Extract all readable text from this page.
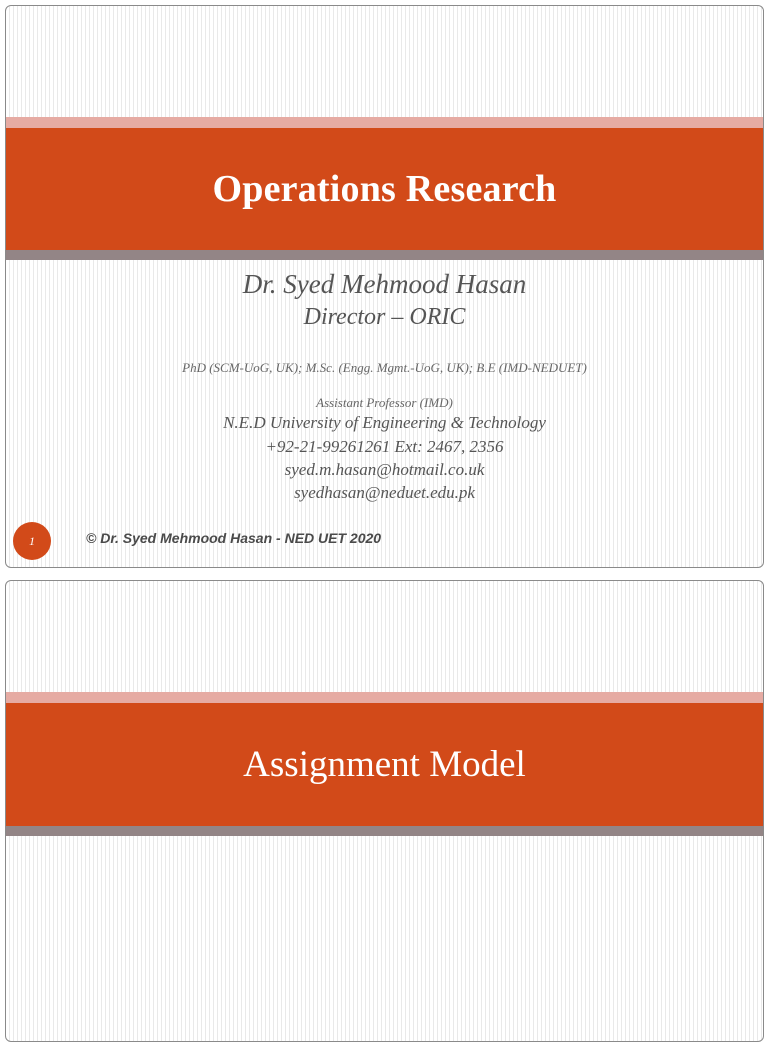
Operations Research

Dr. Syed Mehmood Hasan

Director – ORIC

PhD (SCM-UoG, UK); M.Sc. (Engg. Mgmt.-UoG, UK); B.E (IMD-NEDUET)

Assistant Professor (IMD)

N.E.D University of Engineering & Technology

+92-21-99261261 Ext: 2467, 2356

syed.m.hasan@hotmail.co.uk

syedhasan@neduet.edu.pk

1	© Dr. Syed Mehmood Hasan - NED UET 2020
Assignment Model
